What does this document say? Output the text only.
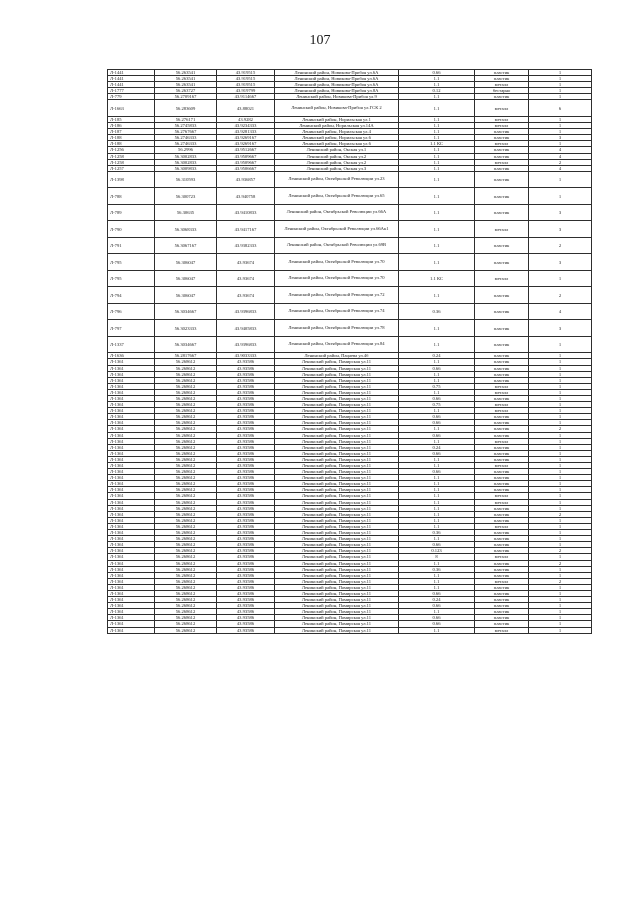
107
Л-1441	56.263541	43.919515	Ленинский район, Новикова-Прибоя ул.6А	0.66	пластик	1
Л-1441	56.263541	43.919515	Ленинский район, Новикова-Прибоя ул.6А	1.1	пластик	1
Л-1441	56.263541	43.919515	Ленинский район, Новикова-Прибоя ул.6А	1.1	металл	1
Л-1777	56.263727	43.919799	Ленинский район, Новикова-Прибоя ул.8А	0.12	бестарно	1
Л-779	56.2709167	43.9114667	Ленинский район, Новикова-Прибоя ул.9	1.1	пластик	1
Л-1663	56.283609	43.88021	Ленинский район, Новикова-Прибоя ул.ГСК 2	1.1	металл	6
Л-185	56.276171	43.9282	Ленинский район, Норильская ул.1	1.1	металл	1
Л-186	56.2745833	43.9234333	Ленинский район, Норильская ул.14А	1.1	металл	1
Л-187	56.2767667	43.9281333	Ленинский район, Норильская ул.4	1.1	пластик	1
Л-188	56.2746333	43.9269167	Ленинский район, Норильская ул.6	1.1	пластик	3
Л-188	56.2746333	43.9269167	Ленинский район, Норильская ул.6	1.1 КС	металл	1
Л-1256	56.2996	43.9512667	Ленинский район, Окская ул.1	1.1	пластик	4
Л-1258	56.3002833	43.9509667	Ленинский район, Окская ул.2	1.1	пластик	4
Л-1258	56.3002833	43.9509667	Ленинский район, Окская ул.2	1.1	металл	2
Л-1257	56.3009833	43.9506667	Ленинский район, Окская ул.3	1.1	пластик	4
Л-1398	56.310593	43.936857	Ленинский район, Октябрьской Революции ул.23	1.1	пластик	1
Л-788	56.300723	43.940758	Ленинский район, Октябрьской Революции ул.65	1.1	пластик	1
Л-789	56.30635	43.9410833	Ленинский район, Октябрьской Революции ул.66А	1.1	пластик	3
Л-790	56.3068333	43.9417167	Ленинский район, Октябрьской Революции ул.66Ак1	1.1	металл	3
Л-791	56.3067167	43.9382333	Ленинский район, Октябрьской Революции ул.69В	1.1	пластик	2
Л-795	56.306047	43.93674	Ленинский район, Октябрьской Революции ул.70	1.1	пластик	3
Л-795	56.306047	43.93674	Ленинский район, Октябрьской Революции ул.70	1.1 КС	металл	1
Л-794	56.306047	43.93674	Ленинский район, Октябрьской Революции ул.72	1.1	пластик	2
Л-796	56.3034667	43.9396833	Ленинский район, Октябрьской Революции ул.74	0.36	пластик	4
Л-797	56.3023333	43.9405833	Ленинский район, Октябрьской Революции ул.78	1.1	пластик	3
Л-1337	56.3034667	43.9396833	Ленинский район, Октябрьской Революции ул.84	1.1	пластик	1
Л-1636	56.2817667	43.9033333	Ленинский район, Пацаева ул.4б	0.24	пластик	1
Л-1361	56.268612	43.93586	Ленинский район, Памирская ул.11	1.1	пластик	1
Л-1361	56.268612	43.93586	Ленинский район, Памирская ул.11	0.66	пластик	1
Л-1361	56.268612	43.93586	Ленинский район, Памирская ул.11	1.1	пластик	1
Л-1361	56.268612	43.93586	Ленинский район, Памирская ул.11	1.1	пластик	1
Л-1361	56.268612	43.93586	Ленинский район, Памирская ул.11	0.75	металл	1
Л-1361	56.268612	43.93586	Ленинский район, Памирская ул.11	1.1	металл	1
Л-1361	56.268612	43.93586	Ленинский район, Памирская ул.11	0.66	пластик	1
Л-1361	56.268612	43.93586	Ленинский район, Памирская ул.11	0.75	металл	1
Л-1361	56.268612	43.93586	Ленинский район, Памирская ул.11	1.1	металл	1
Л-1361	56.268612	43.93586	Ленинский район, Памирская ул.11	0.66	пластик	1
Л-1361	56.268612	43.93586	Ленинский район, Памирская ул.11	0.66	пластик	1
Л-1361	56.268612	43.93586	Ленинский район, Памирская ул.11	1.1	пластик	2
Л-1361	56.268612	43.93586	Ленинский район, Памирская ул.11	0.66	пластик	1
Л-1361	56.268612	43.93586	Ленинский район, Памирская ул.11	1.1	металл	1
Л-1361	56.268612	43.93586	Ленинский район, Памирская ул.11	0.24	пластик	1
Л-1361	56.268612	43.93586	Ленинский район, Памирская ул.11	0.66	пластик	1
Л-1361	56.268612	43.93586	Ленинский район, Памирская ул.11	1.1	пластик	1
Л-1361	56.268612	43.93586	Ленинский район, Памирская ул.11	1.1	металл	1
Л-1361	56.268612	43.93586	Ленинский район, Памирская ул.11	0.66	пластик	1
Л-1361	56.268612	43.93586	Ленинский район, Памирская ул.11	1.1	пластик	1
Л-1361	56.268612	43.93586	Ленинский район, Памирская ул.11	1.1	пластик	1
Л-1361	56.268612	43.93586	Ленинский район, Памирская ул.11	1.1	пластик	1
Л-1361	56.268612	43.93586	Ленинский район, Памирская ул.11	1.1	металл	1
Л-1361	56.268612	43.93586	Ленинский район, Памирская ул.11	1.1	металл	1
Л-1361	56.268612	43.93586	Ленинский район, Памирская ул.11	1.1	пластик	1
Л-1361	56.268612	43.93586	Ленинский район, Памирская ул.11	1.1	пластик	2
Л-1361	56.268612	43.93586	Ленинский район, Памирская ул.11	1.1	пластик	1
Л-1361	56.268612	43.93586	Ленинский район, Памирская ул.11	1.1	металл	1
Л-1361	56.268612	43.93586	Ленинский район, Памирская ул.11	0.36	пластик	1
Л-1361	56.268612	43.93586	Ленинский район, Памирская ул.11	1.1	пластик	1
Л-1361	56.268612	43.93586	Ленинский район, Памирская ул.11	0.66	пластик	1
Л-1361	56.268612	43.93586	Ленинский район, Памирская ул.11	0.123	пластик	2
Л-1361	56.268612	43.93586	Ленинский район, Памирская ул.11	8	металл	1
Л-1361	56.268612	43.93586	Ленинский район, Памирская ул.11	1.1	пластик	2
Л-1361	56.268612	43.93586	Ленинский район, Памирская ул.11	0.36	пластик	1
Л-1361	56.268612	43.93586	Ленинский район, Памирская ул.11	1.1	пластик	1
Л-1361	56.268612	43.93586	Ленинский район, Памирская ул.11	1.1	металл	2
Л-1361	56.268612	43.93586	Ленинский район, Памирская ул.11	1.1	пластик	1
Л-1361	56.268612	43.93586	Ленинский район, Памирская ул.11	0.66	пластик	1
Л-1361	56.268612	43.93586	Ленинский район, Памирская ул.11	0.24	пластик	1
Л-1361	56.268612	43.93586	Ленинский район, Памирская ул.11	0.66	пластик	1
Л-1361	56.268612	43.93586	Ленинский район, Памирская ул.11	1.1	пластик	1
Л-1361	56.268612	43.93586	Ленинский район, Памирская ул.11	0.66	пластик	1
Л-1361	56.268612	43.93586	Ленинский район, Памирская ул.11	0.66	пластик	1
Л-1361	56.268612	43.93586	Ленинский район, Памирская ул.11	1.1	металл	1
